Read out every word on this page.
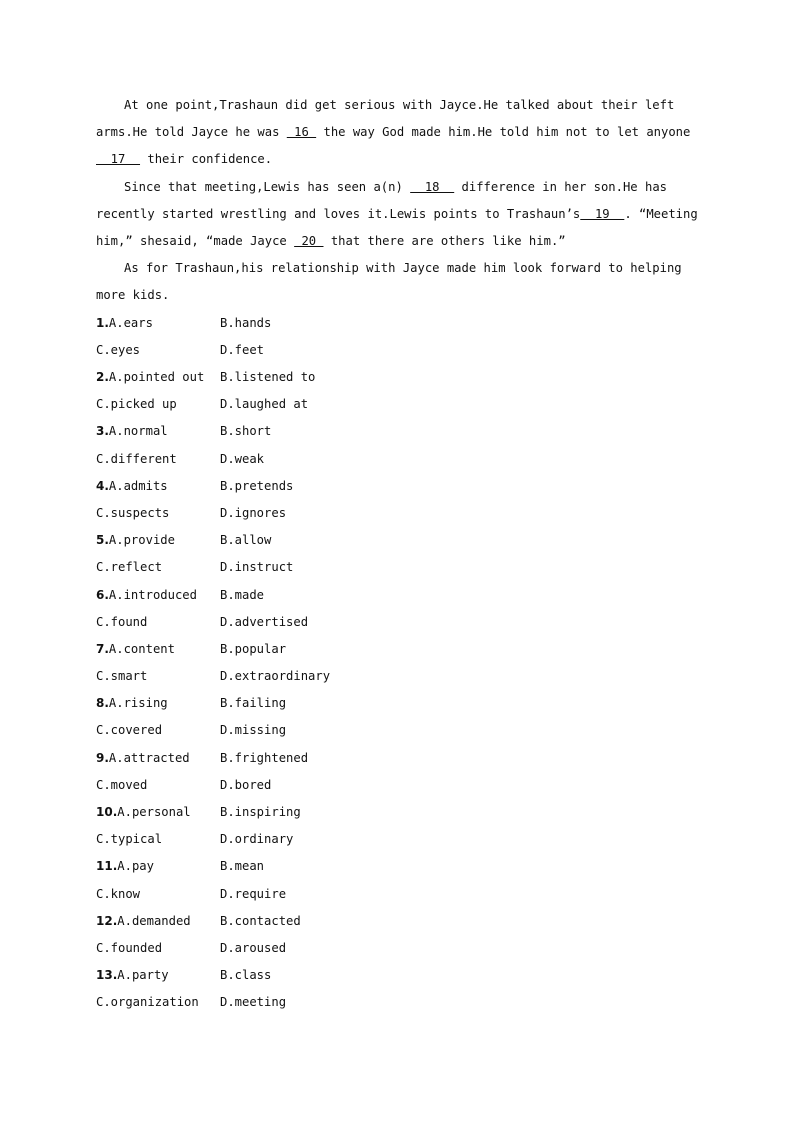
At one point,Trashaun did get serious with Jayce.He talked about their left arms.He told Jayce he was  16  the way God made him.He told him not to let anyone   17   their confidence.

Since that meeting,Lewis has seen a(n)   18   difference in her son.He has recently started wrestling and loves it.Lewis points to Trashaun’s  19  . “Meeting him,” shesaid, “made Jayce  20  that there are others like him.”

As for Trashaun,his relationship with Jayce made him look forward to helping more kids.

1.A.ears	B.hands
C.eyes	D.feet
2.A.pointed out B.listened to
C.picked up	D.laughed at
3.A.normal	B.short
C.different	D.weak
4.A.admits	B.pretends
C.suspects	D.ignores
5.A.provide	B.allow
C.reflect	D.instruct
6.A.introduced B.made
C.found	D.advertised
7.A.content	B.popular
C.smart	D.extraordinary
8.A.rising	B.failing
C.covered	D.missing
9.A.attracted B.frightened
C.moved	D.bored
10.A.personal B.inspiring
C.typical	D.ordinary
11.A.pay	B.mean
C.know	D.require
12.A.demanded B.contacted
C.founded	D.aroused
13.A.party	B.class
C.organization D.meeting
